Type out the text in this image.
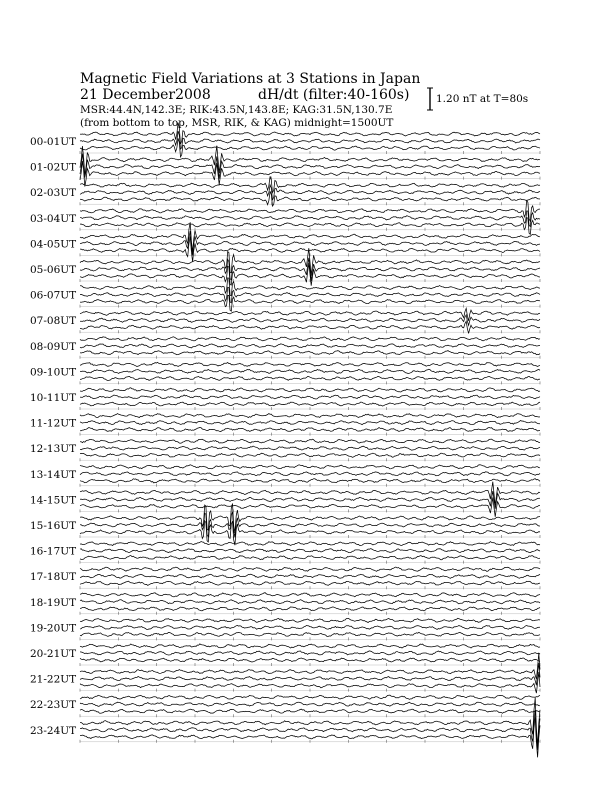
Magnetic Field Variations at 3 Stations in Japan
21 December2008	dH/dt (filter:40-160s)
MSR:44.4N,142.3E; RIK:43.5N,143.8E; KAG:31.5N,130.7E
(from bottom to top, MSR, RIK, & KAG) midnight=1500UT
1.20 nT at T=80s
00-01UT
01-02UT
02-03UT
03-04UT
04-05UT
05-06UT
06-07UT
07-08UT
08-09UT
09-10UT
10-11UT
11-12UT
12-13UT
13-14UT
14-15UT
15-16UT
16-17UT
17-18UT
18-19UT
19-20UT
20-21UT
21-22UT
22-23UT
23-24UT
